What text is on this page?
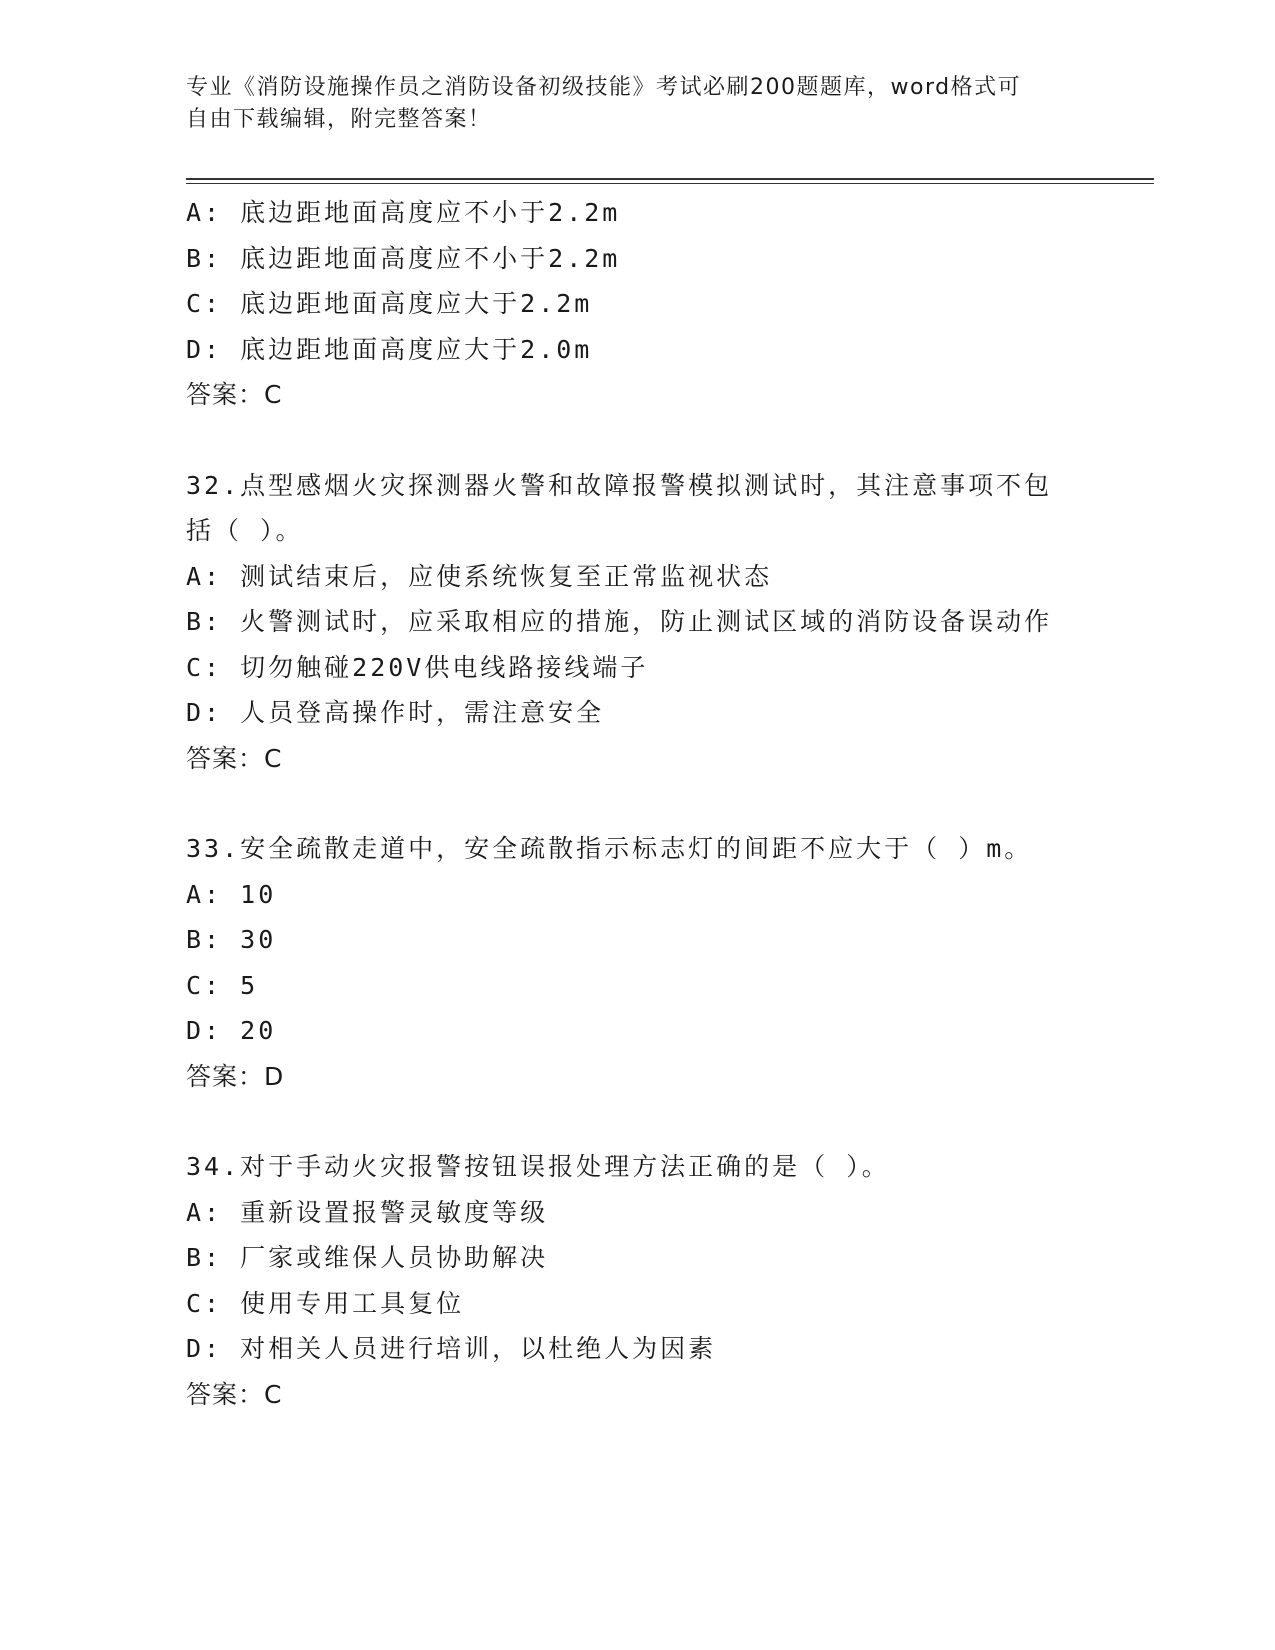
专业《消防设施操作员之消防设备初级技能》考试必刷200题题库，word格式可
自由下载编辑，附完整答案！
A: 底边距地面高度应不小于2.2m
B: 底边距地面高度应不小于2.2m
C: 底边距地面高度应大于2.2m
D: 底边距地面高度应大于2.0m
答案：C
32.点型感烟火灾探测器火警和故障报警模拟测试时，其注意事项不包
括（ ）。
A: 测试结束后，应使系统恢复至正常监视状态
B: 火警测试时，应采取相应的措施，防止测试区域的消防设备误动作
C: 切勿触碰220V供电线路接线端子
D: 人员登高操作时，需注意安全
答案：C
33.安全疏散走道中，安全疏散指示标志灯的间距不应大于（ ）m。
A: 10
B: 30
C: 5
D: 20
答案：D
34.对于手动火灾报警按钮误报处理方法正确的是（ ）。
A: 重新设置报警灵敏度等级
B: 厂家或维保人员协助解决
C: 使用专用工具复位
D: 对相关人员进行培训，以杜绝人为因素
答案：C
